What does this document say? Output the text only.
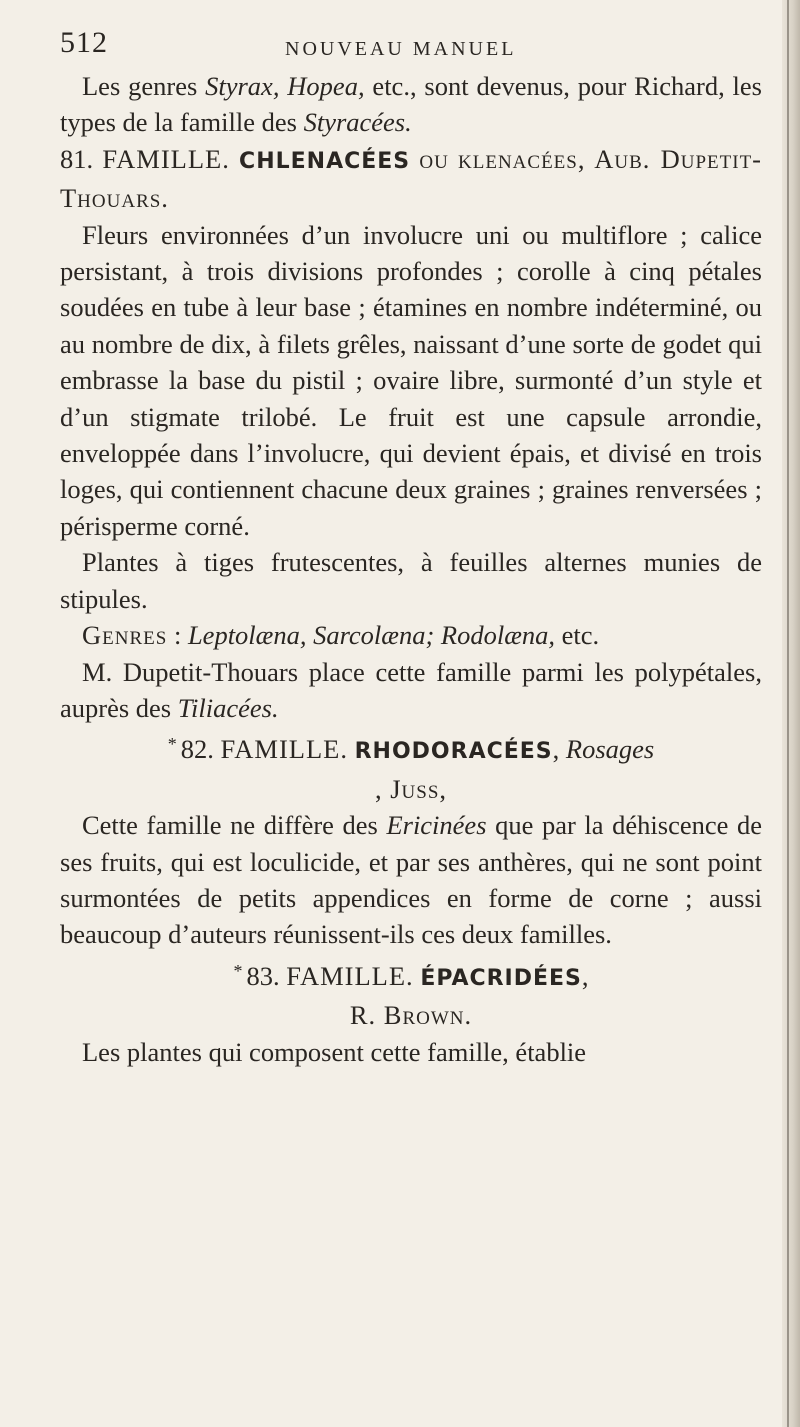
512	NOUVEAU MANUEL

Les genres Styrax, Hopea, etc., sont devenus, pour Richard, les types de la famille des Styracées.

81. FAMILLE. CHLENACÉES ou klenacées, Aub. Dupetit-Thouars.

Fleurs environnées d’un involucre uni ou multiflore ; calice persistant, à trois divisions profondes ; corolle à cinq pétales soudées en tube à leur base ; étamines en nombre indéterminé, ou au nombre de dix, à filets grêles, naissant d’une sorte de godet qui embrasse la base du pistil ; ovaire libre, surmonté d’un style et d’un stigmate trilobé. Le fruit est une capsule arrondie, enveloppée dans l’involucre, qui devient épais, et divisé en trois loges, qui contiennent chacune deux graines ; graines renversées ; périsperme corné.

Plantes à tiges frutescentes, à feuilles alternes munies de stipules.

Genres : Leptolæna, Sarcolæna; Rodolæna, etc.

M. Dupetit-Thouars place cette famille parmi les polypétales, auprès des Tiliacées.

* 82. FAMILLE. RHODORACÉES, Rosages
, Juss,

Cette famille ne diffère des Ericinées que par la déhiscence de ses fruits, qui est loculicide, et par ses anthères, qui ne sont point surmontées de petits appendices en forme de corne ; aussi beaucoup d’auteurs réunissent-ils ces deux familles.

* 83. FAMILLE. ÉPACRIDÉES,
R. Brown.

Les plantes qui composent cette famille, établie
